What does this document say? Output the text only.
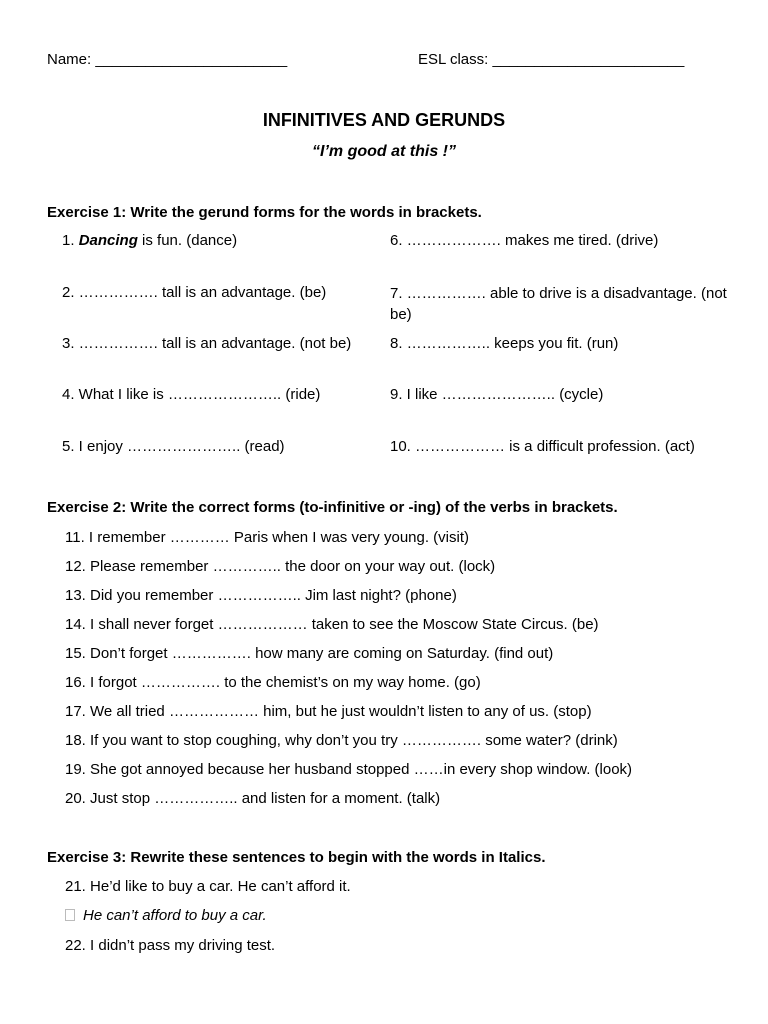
Name: _______________________	ESL class: _______________________
INFINITIVES AND GERUNDS
“I’m good at this !”
Exercise 1: Write the gerund forms for the words in brackets.
1. Dancing is fun. (dance)
2. ……………. tall is an advantage. (be)
3. ……………. tall is an advantage. (not be)
4. What I like is ………………….. (ride)
5. I enjoy ………………….. (read)
6. ………………. makes me tired. (drive)
7. ……………. able to drive is a disadvantage. (not be)
8. …………….. keeps you fit. (run)
9. I like ………………….. (cycle)
10. ……………… is a difficult profession. (act)
Exercise 2: Write the correct forms (to-infinitive or -ing) of the verbs in brackets.
11. I remember ………… Paris when I was very young. (visit)
12. Please remember ………….. the door on your way out. (lock)
13. Did you remember …………….. Jim last night? (phone)
14. I shall never forget ……………… taken to see the Moscow State Circus. (be)
15. Don’t forget ……………. how many are coming on Saturday. (find out)
16. I forgot ……………. to the chemist’s on my way home. (go)
17. We all tried ……………… him, but he just wouldn’t listen to any of us. (stop)
18. If you want to stop coughing, why don’t you try ……………. some water? (drink)
19. She got annoyed because her husband stopped ……in every shop window. (look)
20. Just stop …………….. and listen for a moment. (talk)
Exercise 3: Rewrite these sentences to begin with the words in Italics.
21. He’d like to buy a car. He can’t afford it.
He can’t afford to buy a car.
22. I didn’t pass my driving test.
